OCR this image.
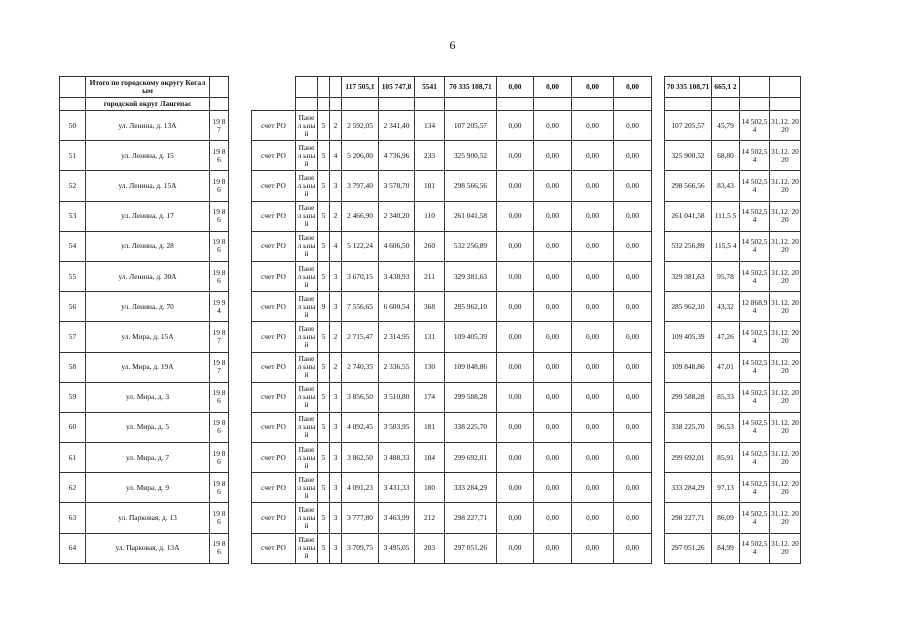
6
	Итого по городскому округу Когалым							117 505,1	105 747,8	5541	70 335 108,71	0,00	0,00	0,00	0,00		70 335 108,71	665,1 2		
	городской округ Лангепас																			
50	ул. Ленина, д. 13А	19 87		счет РО	Панел ьный	5	2	2 592,05	2 341,40	134	107 205,57	0,00	0,00	0,00	0,00		107 205,57	45,79	14 502,5 4	31.12. 2020
51	ул. Ленина, д. 15	19 86		счет РО	Панел ьный	5	4	5 206,00	4 736,96	233	325 900,52	0,00	0,00	0,00	0,00		325 900,52	68,80	14 502,5 4	31.12. 2020
52	ул. Ленина, д. 15А	19 86		счет РО	Панел ьный	5	3	3 797,40	3 578,70	181	298 566,56	0,00	0,00	0,00	0,00		298 566,56	83,43	14 502,5 4	31.12. 2020
53	ул. Ленина, д. 17	19 86		счет РО	Панел ьный	5	2	2 466,90	2 340,20	110	261 041,58	0,00	0,00	0,00	0,00		261 041,58	111,5 5	14 502,5 4	31.12. 2020
54	ул. Ленина, д. 28	19 86		счет РО	Панел ьный	5	4	5 122,24	4 606,50	260	532 256,89	0,00	0,00	0,00	0,00		532 256,89	115,5 4	14 502,5 4	31.12. 2020
55	ул. Ленина, д. 30А	19 86		счет РО	Панел ьный	5	3	3 670,15	3 438,93	211	329 381,63	0,00	0,00	0,00	0,00		329 381,63	95,78	14 502,5 4	31.12. 2020
56	ул. Ленина, д. 70	19 94		счет РО	Панел ьный	9	3	7 556,65	6 600,54	368	285 962,10	0,00	0,00	0,00	0,00		285 962,10	43,32	12 868,9 4	31.12. 2020
57	ул. Мира, д. 15А	19 87		счет РО	Панел ьный	5	2	2 715,47	2 314,95	131	109 405,39	0,00	0,00	0,00	0,00		109 405,39	47,26	14 502,5 4	31.12. 2020
58	ул. Мира, д. 19А	19 87		счет РО	Панел ьный	5	2	2 740,35	2 336,55	130	109 848,86	0,00	0,00	0,00	0,00		109 848,86	47,01	14 502,5 4	31.12. 2020
59	ул. Мира, д. 3	19 86		счет РО	Панел ьный	5	3	3 856,50	3 510,80	174	299 588,28	0,00	0,00	0,00	0,00		299 588,28	85,33	14 502,5 4	31.12. 2020
60	ул. Мира, д. 5	19 86		счет РО	Панел ьный	5	3	4 092,45	3 503,95	181	338 225,70	0,00	0,00	0,00	0,00		338 225,70	96,53	14 502,5 4	31.12. 2020
61	ул. Мира, д. 7	19 86		счет РО	Панел ьный	5	3	3 862,50	3 488,33	184	299 692,01	0,00	0,00	0,00	0,00		299 692,01	85,91	14 502,5 4	31.12. 2020
62	ул. Мира, д. 9	19 86		счет РО	Панел ьный	5	3	4 091,23	3 431,33	180	333 284,29	0,00	0,00	0,00	0,00		333 284,29	97,13	14 502,5 4	31.12. 2020
63	ул. Парковая, д. 13	19 86		счет РО	Панел ьный	5	3	3 777,80	3 463,99	212	298 227,71	0,00	0,00	0,00	0,00		298 227,71	86,09	14 502,5 4	31.12. 2020
64	ул. Парковая, д. 13А	19 86		счет РО	Панел ьный	5	3	3 709,75	3 495,05	203	297 051,26	0,00	0,00	0,00	0,00		297 051,26	84,99	14 502,5 4	31.12. 2020
